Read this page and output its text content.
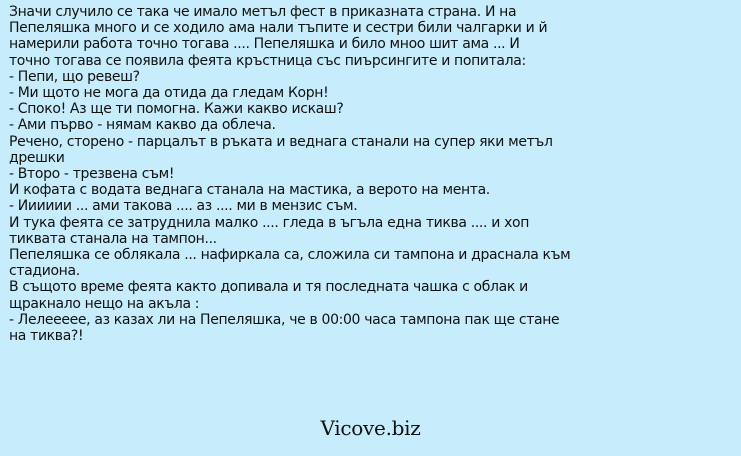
Значи случило се така че имало метъл фест в приказната страна. И на
Пепеляшка много и се ходило ама нали тъпите и сестри били чалгарки и й
намерили работа точно тогава .... Пепеляшка и било мноо шит ама ... И
точно тогава се появила феята кръстница със пиърсингите и попитала:
- Пепи, що ревеш?
- Ми щото не мога да отида да гледам Корн!
- Споко! Аз ще ти помогна. Кажи какво искаш?
- Ами първо - нямам какво да облеча.
Речено, сторено - парцалът в ръката и веднага станали на супер яки метъл
дрешки
- Второ - трезвена съм!
И кофата с водата веднага станала на мастика, а верото на мента.
- Ииииии ... ами такова .... аз .... ми в мензис съм.
И тука феята се затруднила малко .... гледа в ъгъла една тиква .... и хоп
тиквата станала на тампон...
Пепеляшка се облякала ... нафиркала са, сложила си тампона и драснала към
стадиона.
В същото време феята както допивала и тя последната чашка с облак и
щракнало нещо на акъла :
- Лелеееее, аз казах ли на Пепеляшка, че в 00:00 часа тампона пак ще стане
на тиква?!
Vicove.biz
